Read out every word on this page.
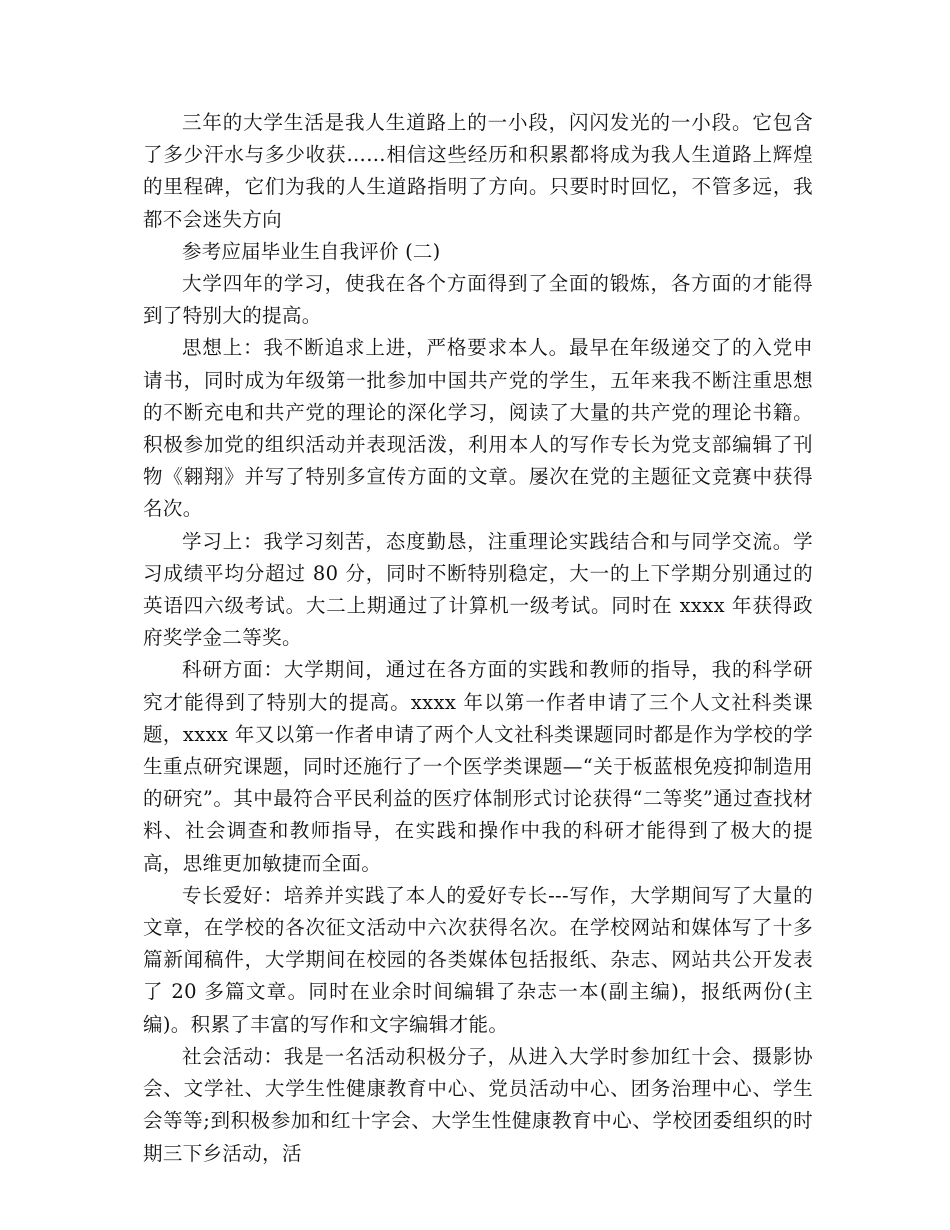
三年的大学生活是我人生道路上的一小段，闪闪发光的一小段。它包含了多少汗水与多少收获……相信这些经历和积累都将成为我人生道路上辉煌的里程碑，它们为我的人生道路指明了方向。只要时时回忆，不管多远，我都不会迷失方向

参考应届毕业生自我评价 (二)

大学四年的学习，使我在各个方面得到了全面的锻炼，各方面的才能得到了特别大的提高。

思想上：我不断追求上进，严格要求本人。最早在年级递交了的入党申请书，同时成为年级第一批参加中国共产党的学生，五年来我不断注重思想的不断充电和共产党的理论的深化学习，阅读了大量的共产党的理论书籍。积极参加党的组织活动并表现活泼，利用本人的写作专长为党支部编辑了刊物《翱翔》并写了特别多宣传方面的文章。屡次在党的主题征文竞赛中获得名次。

学习上：我学习刻苦，态度勤恳，注重理论实践结合和与同学交流。学习成绩平均分超过 80 分，同时不断特别稳定，大一的上下学期分别通过的英语四六级考试。大二上期通过了计算机一级考试。同时在 xxxx 年获得政府奖学金二等奖。

科研方面：大学期间，通过在各方面的实践和教师的指导，我的科学研究才能得到了特别大的提高。xxxx 年以第一作者申请了三个人文社科类课题，xxxx 年又以第一作者申请了两个人文社科类课题同时都是作为学校的学生重点研究课题，同时还施行了一个医学类课题—“关于板蓝根免疫抑制造用的研究”。其中最符合平民利益的医疗体制形式讨论获得“二等奖”通过查找材料、社会调查和教师指导，在实践和操作中我的科研才能得到了极大的提高，思维更加敏捷而全面。

专长爱好：培养并实践了本人的爱好专长---写作，大学期间写了大量的文章，在学校的各次征文活动中六次获得名次。在学校网站和媒体写了十多篇新闻稿件，大学期间在校园的各类媒体包括报纸、杂志、网站共公开发表了 20 多篇文章。同时在业余时间编辑了杂志一本(副主编)，报纸两份(主编)。积累了丰富的写作和文字编辑才能。

社会活动：我是一名活动积极分子，从进入大学时参加红十会、摄影协会、文学社、大学生性健康教育中心、党员活动中心、团务治理中心、学生会等等;到积极参加和红十字会、大学生性健康教育中心、学校团委组织的时期三下乡活动，活
